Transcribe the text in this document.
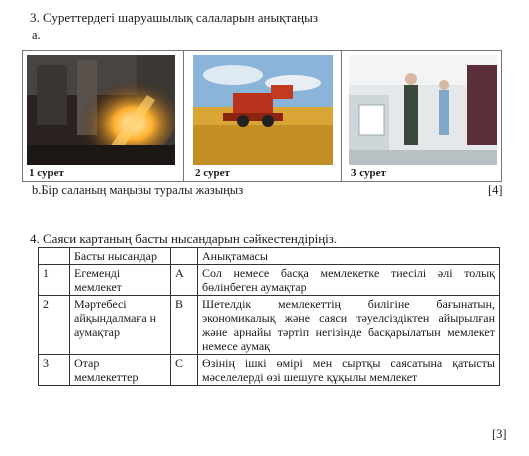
3. Суреттердегі шаруашылық салаларын анықтаңыз
a.
1 сурет	2 сурет	3 сурет
b.Бір саланың маңызы туралы жазыңыз	[4]
4. Саяси картаның басты нысандарын сәйкестендіріңіз.
	Басты нысандар		Анықтамасы
1	Егеменді мемлекет	A	Сол немесе басқа мемлекетке тиесілі әлі толық бөлінбеген аумақтар
2	Мәртебесі айқындалмаға н аумақтар	B	Шетелдік мемлекеттің билігіне бағынатын, экономикалық және саяси тәуелсіздіктен айырылған және арнайы тәртіп негізінде басқарылатын мемлекет немесе аумақ
3	Отар мемлекеттер	C	Өзінің ішкі өмірі мен сыртқы саясатына қатысты мәселелерді өзі шешуге құқылы мемлекет
[3]
